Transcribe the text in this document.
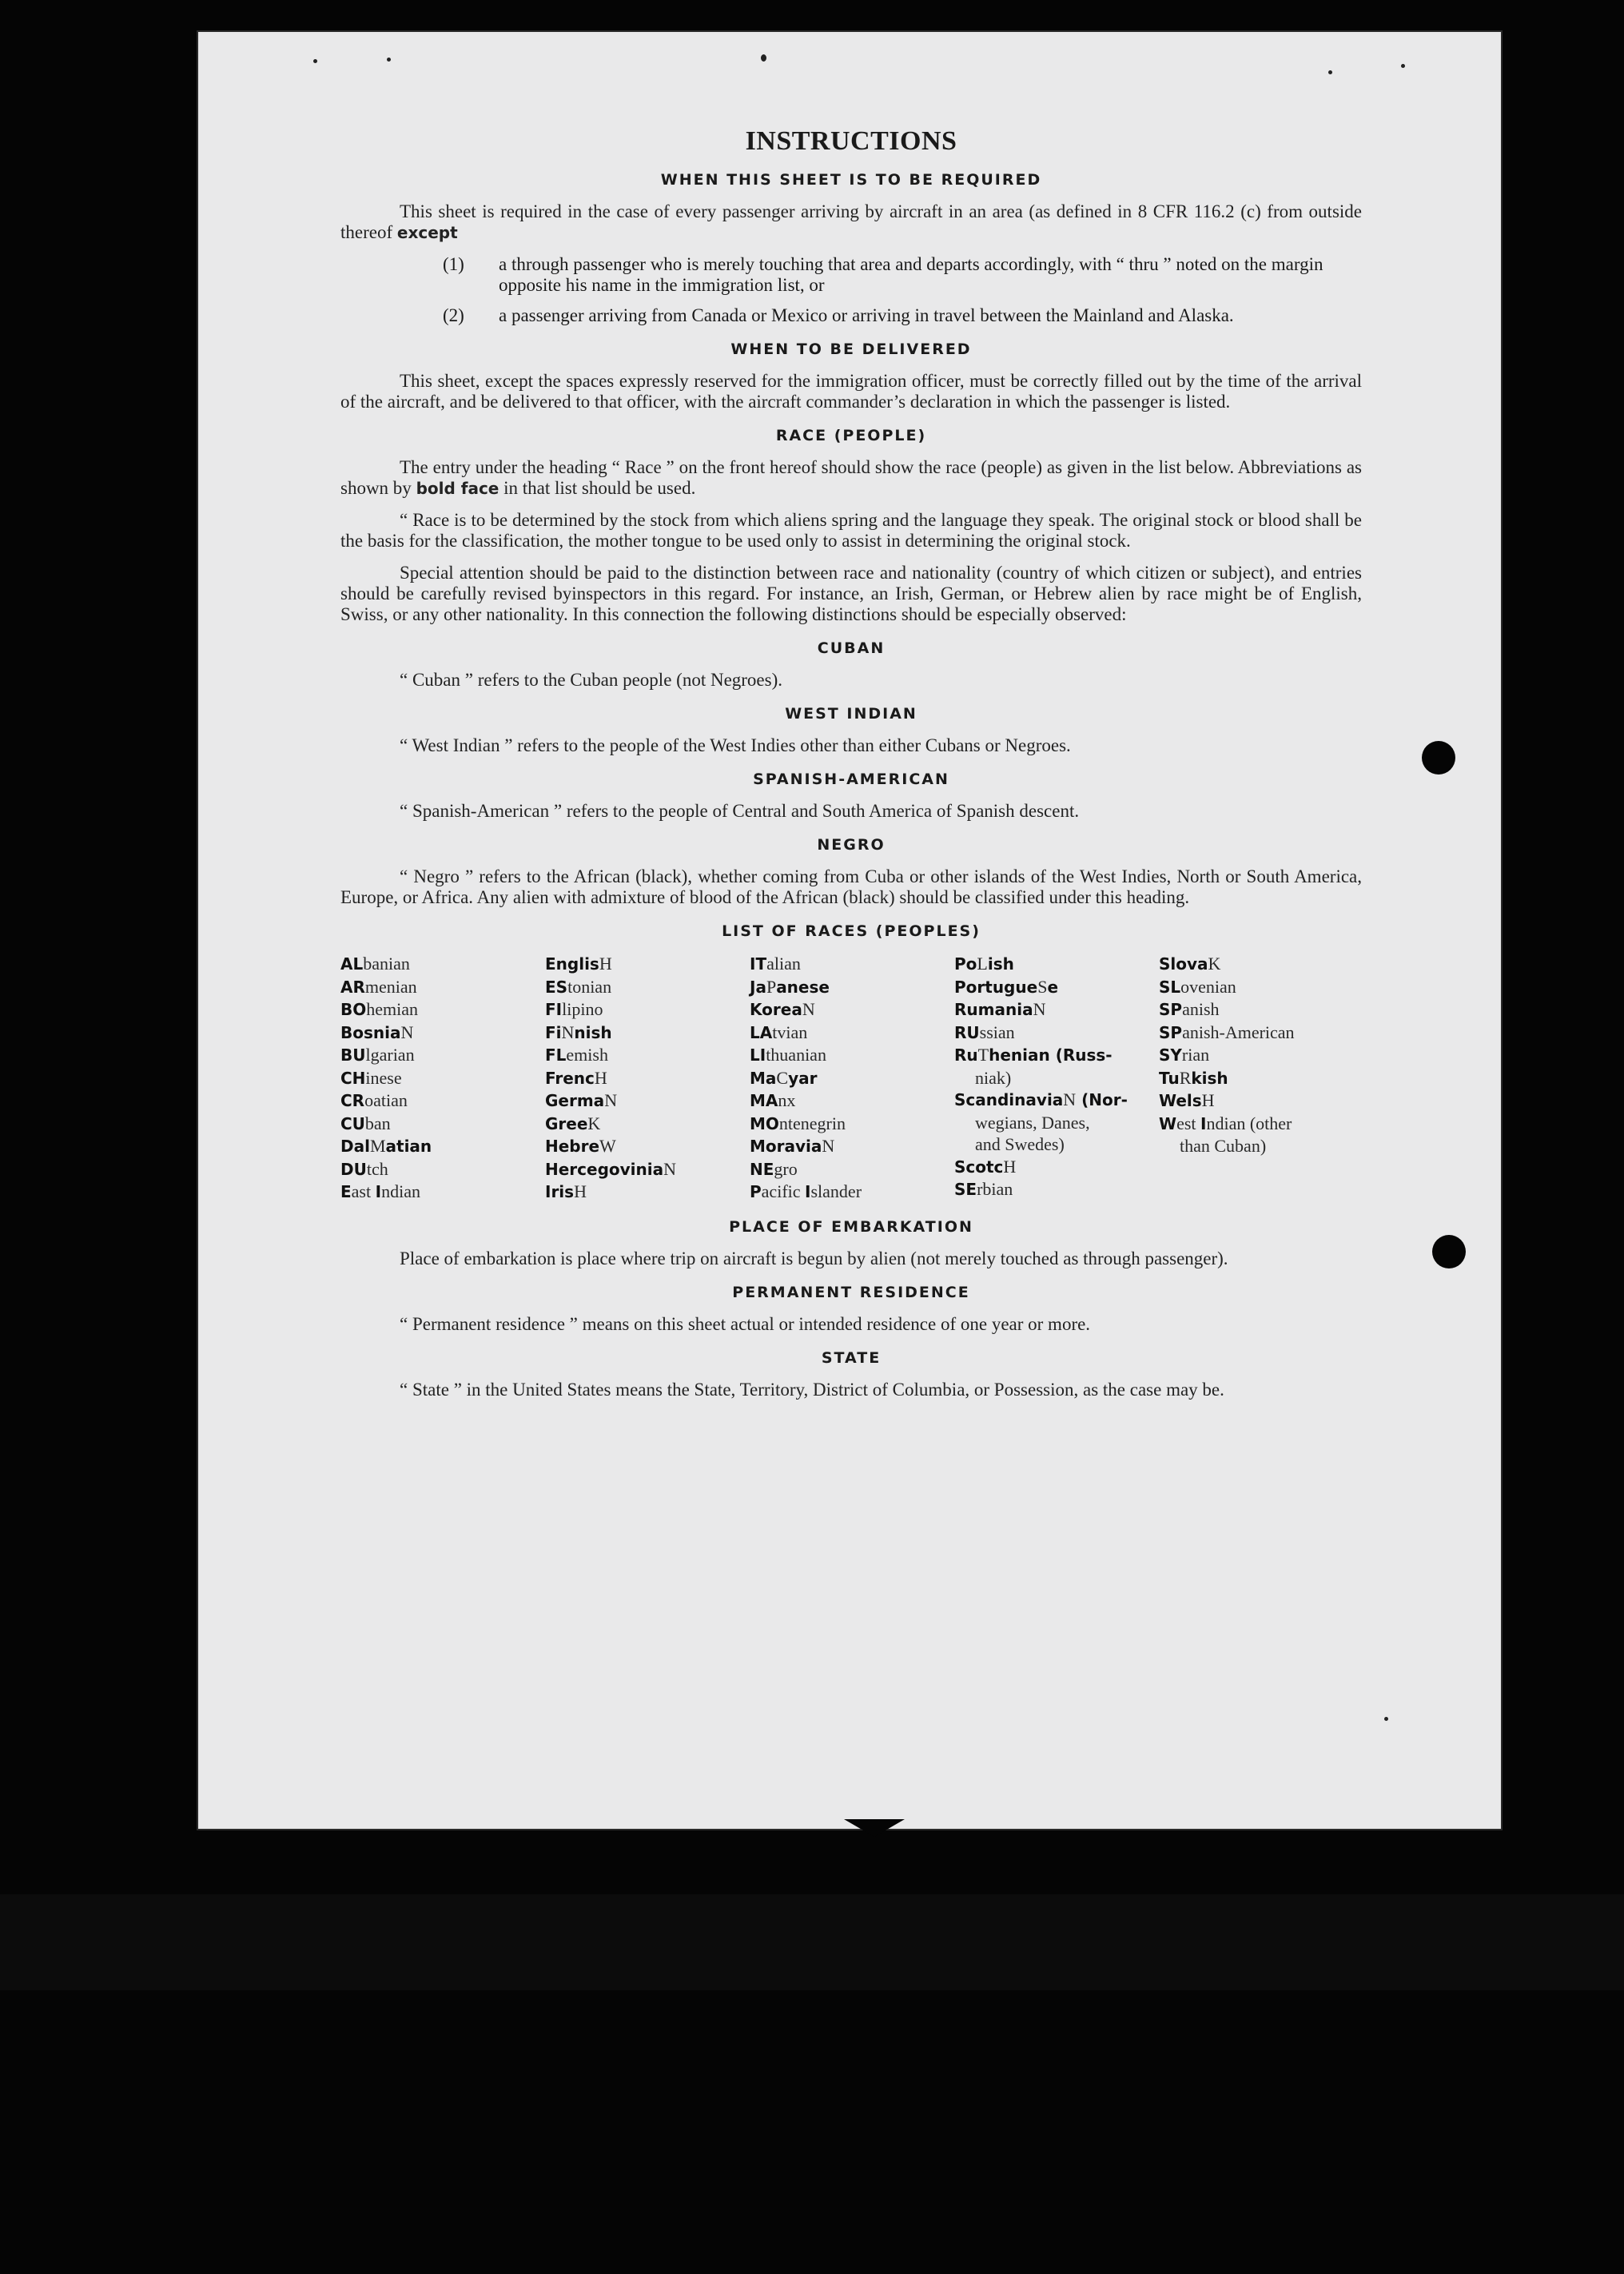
INSTRUCTIONS
WHEN THIS SHEET IS TO BE REQUIRED

This sheet is required in the case of every passenger arriving by aircraft in an area (as defined in 8 CFR 116.2 (c) from outside thereof except

(1)	a through passenger who is merely touching that area and departs accordingly, with “ thru ” noted on the margin opposite his name in the immigration list, or
(2)	a passenger arriving from Canada or Mexico or arriving in travel between the Mainland and Alaska.
WHEN TO BE DELIVERED

This sheet, except the spaces expressly reserved for the immigration officer, must be correctly filled out by the time of the arrival of the aircraft, and be delivered to that officer, with the aircraft commander’s declaration in which the passenger is listed.

RACE (PEOPLE)

The entry under the heading “ Race ” on the front hereof should show the race (people) as given in the list below. Abbreviations as shown by bold face in that list should be used.

“ Race is to be determined by the stock from which aliens spring and the language they speak. The original stock or blood shall be the basis for the classification, the mother tongue to be used only to assist in determining the original stock.

Special attention should be paid to the distinction between race and nationality (country of which citizen or subject), and entries should be carefully revised byinspectors in this regard. For instance, an Irish, German, or Hebrew alien by race might be of English, Swiss, or any other nationality. In this connection the following distinctions should be especially observed:

CUBAN

“ Cuban ” refers to the Cuban people (not Negroes).

WEST INDIAN

“ West Indian ” refers to the people of the West Indies other than either Cubans or Negroes.

SPANISH-AMERICAN

“ Spanish-American ” refers to the people of Central and South America of Spanish descent.

NEGRO

“ Negro ” refers to the African (black), whether coming from Cuba or other islands of the West Indies, North or South America, Europe, or Africa. Any alien with admixture of blood of the African (black) should be classified under this heading.

LIST OF RACES (PEOPLES)
ALbanian
ARmenian
BOhemian
BosniaN
BUlgarian
CHinese
CRoatian
CUban
DalMatian
DUtch
East Indian
EnglisH
EStonian
FIlipino
FiNnish
FLemish
FrencH
GermaN
GreeK
HebreW
HercegoviniaN
IrisH
ITalian
JaPanese
KoreaN
LAtvian
LIthuanian
MaCyar
MAnx
MOntenegrin
MoraviaN
NEgro
Pacific Islander
PoLish
PortugueSe
RumaniaN
RUssian
RuThenian (Russ-
niak)
ScandinaviaN (Nor-
wegians, Danes,
and Swedes)
ScotcH
SErbian
SlovaK
SLovenian
SPanish
SPanish-American
SYrian
TuRkish
WelsH
West Indian (other
than Cuban)
PLACE OF EMBARKATION

Place of embarkation is place where trip on aircraft is begun by alien (not merely touched as through passenger).

PERMANENT RESIDENCE

“ Permanent residence ” means on this sheet actual or intended residence of one year or more.

STATE

“ State ” in the United States means the State, Territory, District of Columbia, or Possession, as the case may be.
